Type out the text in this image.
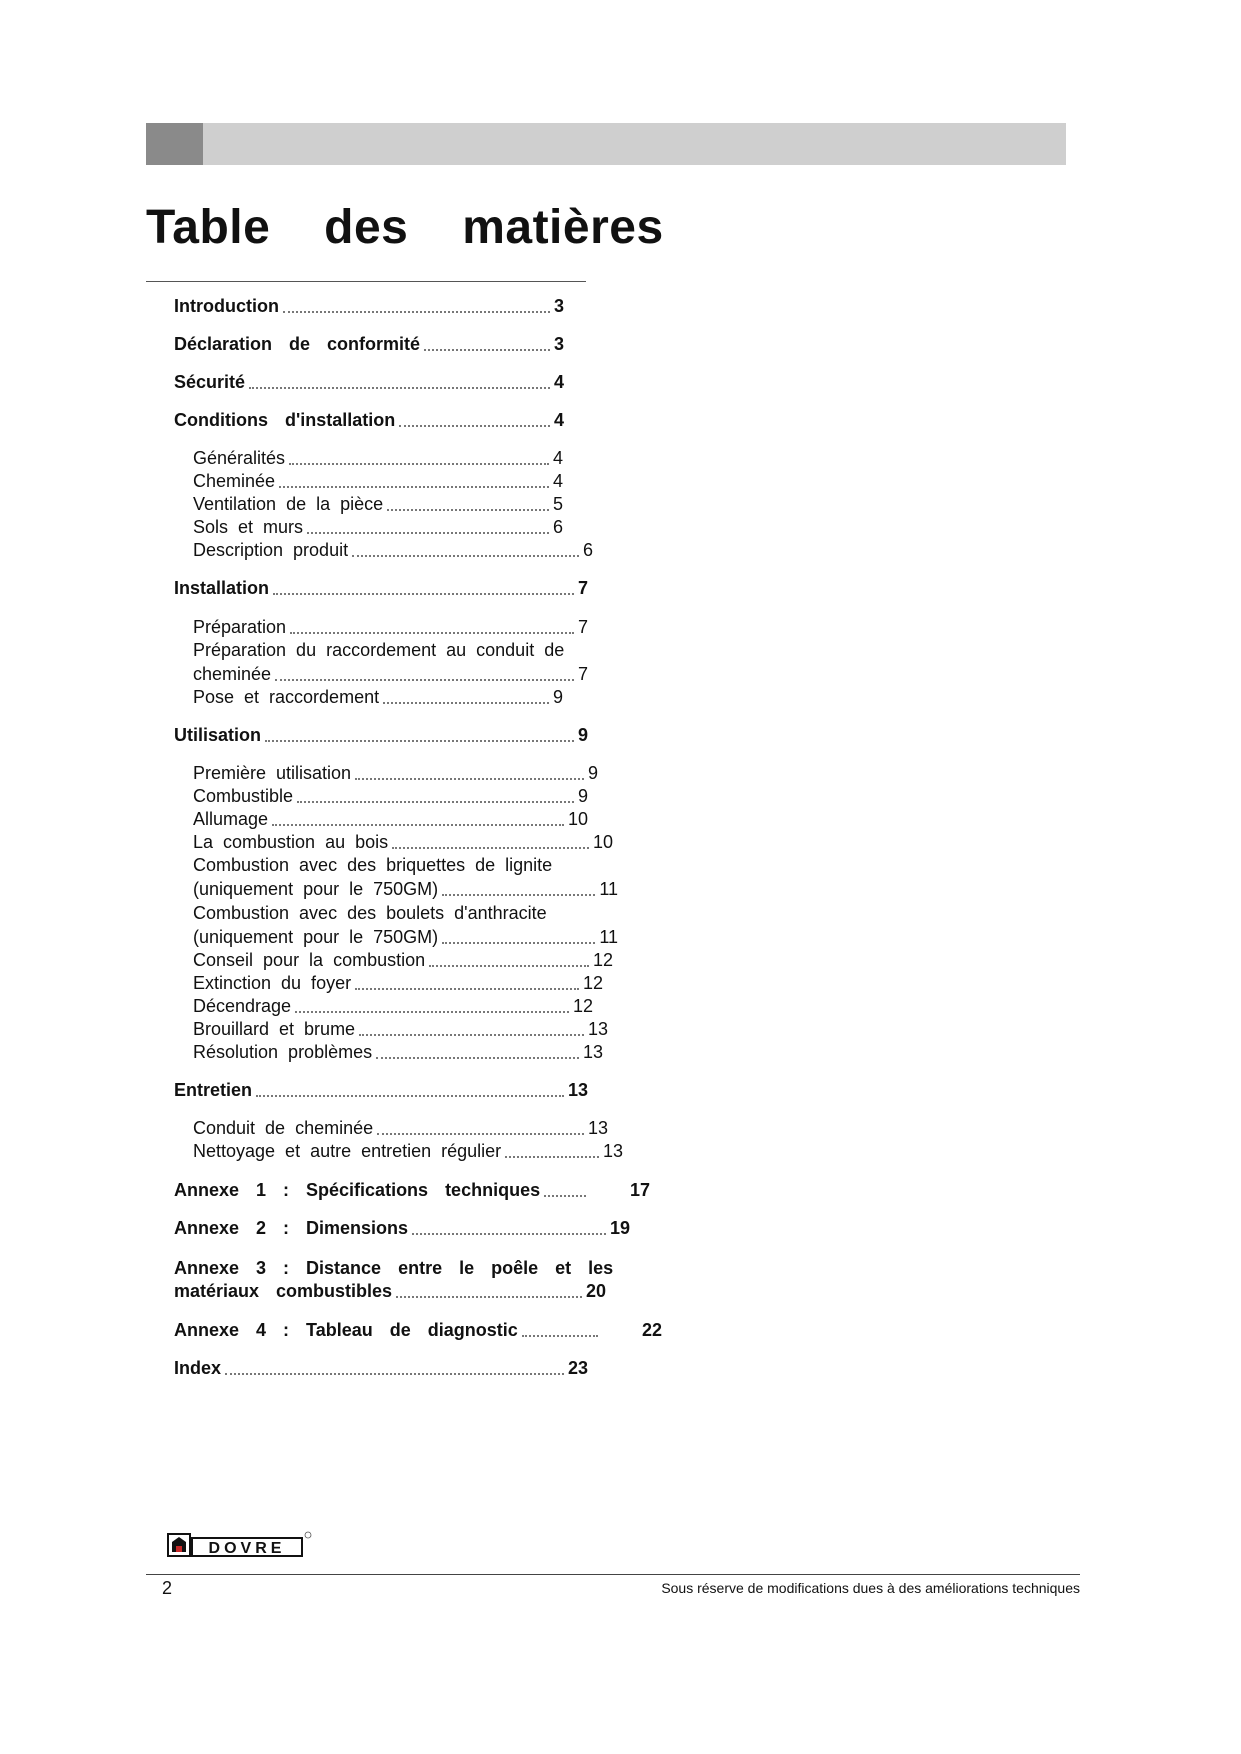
Table des matières
Introduction	3
Déclaration de conformité	3
Sécurité	4
Conditions d'installation	4
Généralités	4
Cheminée	4
Ventilation de la pièce	5
Sols et murs	6
Description produit	6
Installation	7
Préparation	7
Préparation du raccordement au conduit de
cheminée	7
Pose et raccordement	9
Utilisation	9
Première utilisation	9
Combustible	9
Allumage	10
La combustion au bois	10
Combustion avec des briquettes de lignite
(uniquement pour le 750GM)	11
Combustion avec des boulets d'anthracite
(uniquement pour le 750GM)	11
Conseil pour la combustion	12
Extinction du foyer	12
Décendrage	12
Brouillard et brume	13
Résolution problèmes	13
Entretien	13
Conduit de cheminée	13
Nettoyage et autre entretien régulier	13
Annexe 1 : Spécifications techniques	17
Annexe 2 : Dimensions	19
Annexe 3 : Distance entre le poêle et les
matériaux combustibles	20
Annexe 4 : Tableau de diagnostic	22
Index	23
DOVRE
2	Sous réserve de modifications dues à des améliorations techniques
